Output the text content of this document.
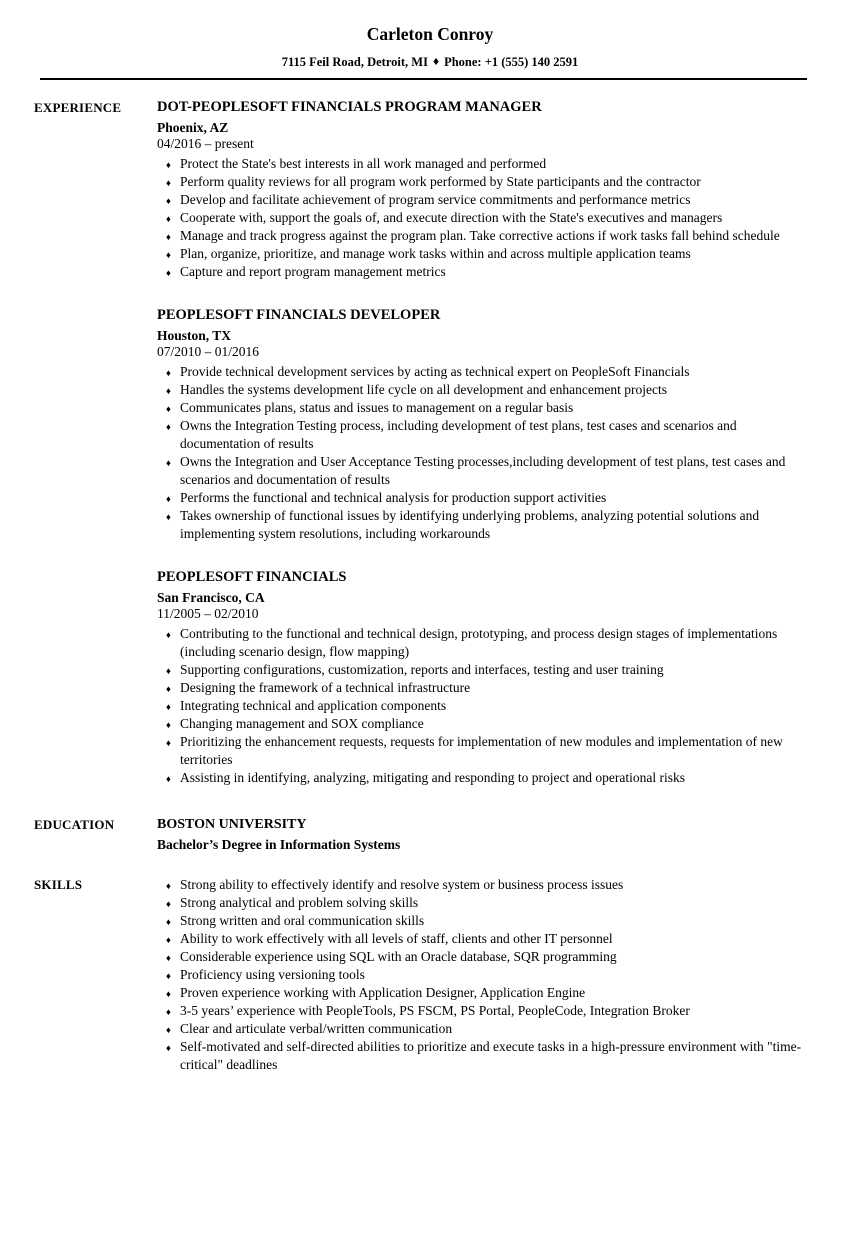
Carleton Conroy
7115 Feil Road, Detroit, MI ♦ Phone: +1 (555) 140 2591
EXPERIENCE	DOT-PEOPLESOFT FINANCIALS PROGRAM MANAGER
Phoenix, AZ
04/2016 – present
♦ Protect the State's best interests in all work managed and performed
♦ Perform quality reviews for all program work performed by State participants and the contractor
♦ Develop and facilitate achievement of program service commitments and performance metrics
♦ Cooperate with, support the goals of, and execute direction with the State's executives and managers
♦ Manage and track progress against the program plan. Take corrective actions if work tasks fall behind schedule
♦ Plan, organize, prioritize, and manage work tasks within and across multiple application teams
♦ Capture and report program management metrics
PEOPLESOFT FINANCIALS DEVELOPER
Houston, TX
07/2010 – 01/2016
♦ Provide technical development services by acting as technical expert on PeopleSoft Financials
♦ Handles the systems development life cycle on all development and enhancement projects
♦ Communicates plans, status and issues to management on a regular basis
♦ Owns the Integration Testing process, including development of test plans, test cases and scenarios and documentation of results
♦ Owns the Integration and User Acceptance Testing processes,including development of test plans, test cases and scenarios and documentation of results
♦ Performs the functional and technical analysis for production support activities
♦ Takes ownership of functional issues by identifying underlying problems, analyzing potential solutions and implementing system resolutions, including workarounds
PEOPLESOFT FINANCIALS
San Francisco, CA
11/2005 – 02/2010
♦ Contributing to the functional and technical design, prototyping, and process design stages of implementations (including scenario design, flow mapping)
♦ Supporting configurations, customization, reports and interfaces, testing and user training
♦ Designing the framework of a technical infrastructure
♦ Integrating technical and application components
♦ Changing management and SOX compliance
♦ Prioritizing the enhancement requests, requests for implementation of new modules and implementation of new territories
♦ Assisting in identifying, analyzing, mitigating and responding to project and operational risks
EDUCATION	BOSTON UNIVERSITY
Bachelor’s Degree in Information Systems
SKILLS	♦ Strong ability to effectively identify and resolve system or business process issues
♦ Strong analytical and problem solving skills
♦ Strong written and oral communication skills
♦ Ability to work effectively with all levels of staff, clients and other IT personnel
♦ Considerable experience using SQL with an Oracle database, SQR programming
♦ Proficiency using versioning tools
♦ Proven experience working with Application Designer, Application Engine
♦ 3-5 years’ experience with PeopleTools, PS FSCM, PS Portal, PeopleCode, Integration Broker
♦ Clear and articulate verbal/written communication
♦ Self-motivated and self-directed abilities to prioritize and execute tasks in a high-pressure environment with "time-critical" deadlines
